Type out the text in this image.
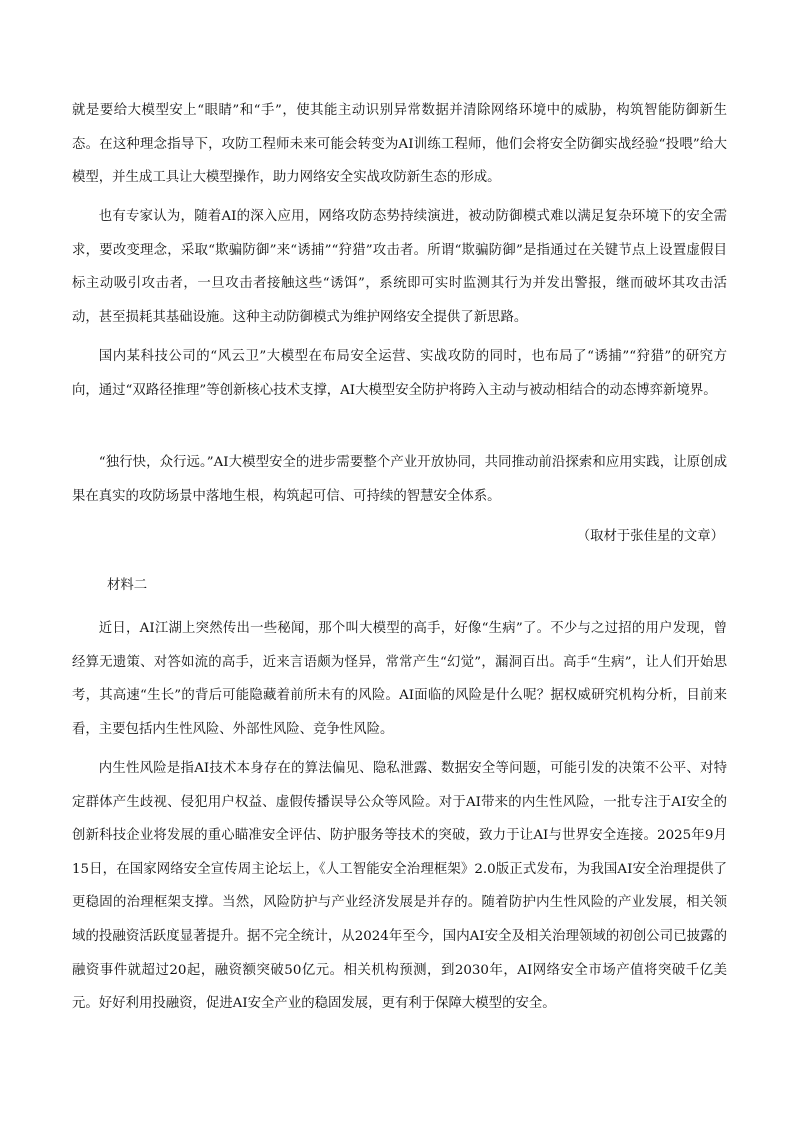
就是要给大模型安上“眼睛”和“手”，使其能主动识别异常数据并清除网络环境中的威胁，构筑智能防御新生态。在这种理念指导下，攻防工程师未来可能会转变为AI训练工程师，他们会将安全防御实战经验“投喂”给大模型，并生成工具让大模型操作，助力网络安全实战攻防新生态的形成。

也有专家认为，随着AI的深入应用，网络攻防态势持续演进，被动防御模式难以满足复杂环境下的安全需求，要改变理念，采取“欺骗防御”来“诱捕”“狩猎”攻击者。所谓“欺骗防御”是指通过在关键节点上设置虚假目标主动吸引攻击者，一旦攻击者接触这些“诱饵”，系统即可实时监测其行为并发出警报，继而破坏其攻击活动，甚至损耗其基础设施。这种主动防御模式为维护网络安全提供了新思路。

国内某科技公司的“风云卫”大模型在布局安全运营、实战攻防的同时，也布局了“诱捕”“狩猎”的研究方向，通过“双路径推理”等创新核心技术支撑，AI大模型安全防护将跨入主动与被动相结合的动态博弈新境界。

“独行快，众行远。”AI大模型安全的进步需要整个产业开放协同，共同推动前沿探索和应用实践，让原创成果在真实的攻防场景中落地生根，构筑起可信、可持续的智慧安全体系。

（取材于张佳星的文章）

材料二

近日，AI江湖上突然传出一些秘闻，那个叫大模型的高手，好像“生病”了。不少与之过招的用户发现，曾经算无遗策、对答如流的高手，近来言语颇为怪异，常常产生“幻觉”，漏洞百出。高手“生病”，让人们开始思考，其高速“生长”的背后可能隐藏着前所未有的风险。AI面临的风险是什么呢？据权威研究机构分析，目前来看，主要包括内生性风险、外部性风险、竞争性风险。

内生性风险是指AI技术本身存在的算法偏见、隐私泄露、数据安全等问题，可能引发的决策不公平、对特定群体产生歧视、侵犯用户权益、虚假传播误导公众等风险。对于AI带来的内生性风险，一批专注于AI安全的创新科技企业将发展的重心瞄准安全评估、防护服务等技术的突破，致力于让AI与世界安全连接。2025年9月15日，在国家网络安全宣传周主论坛上，《人工智能安全治理框架》2.0版正式发布，为我国AI安全治理提供了更稳固的治理框架支撑。当然，风险防护与产业经济发展是并存的。随着防护内生性风险的产业发展，相关领域的投融资活跃度显著提升。据不完全统计，从2024年至今，国内AI安全及相关治理领域的初创公司已披露的融资事件就超过20起，融资额突破50亿元。相关机构预测，到2030年，AI网络安全市场产值将突破千亿美元。好好利用投融资，促进AI安全产业的稳固发展，更有利于保障大模型的安全。
